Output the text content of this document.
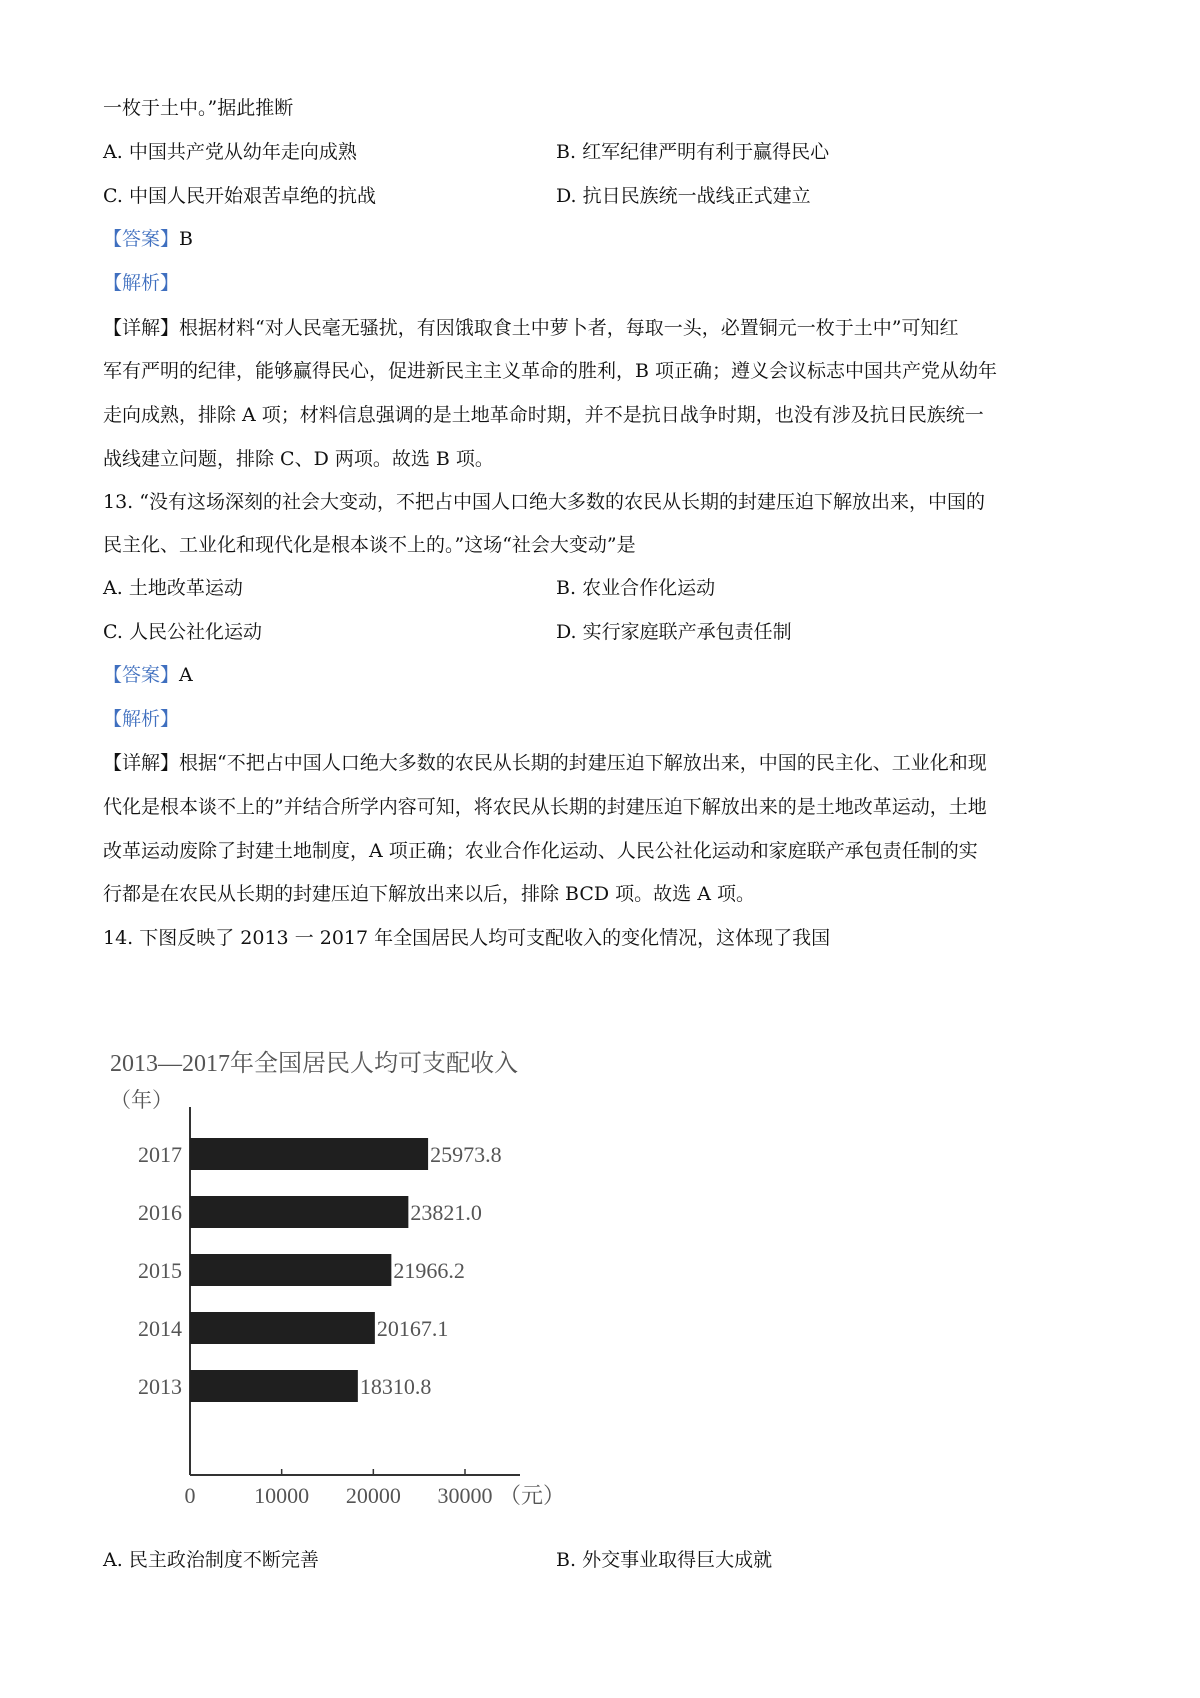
一枚于土中。”据此推断
A. 中国共产党从幼年走向成熟	B. 红军纪律严明有利于赢得民心
C. 中国人民开始艰苦卓绝的抗战	D. 抗日民族统一战线正式建立
【答案】B
【解析】
【详解】根据材料“对人民毫无骚扰，有因饿取食土中萝卜者，每取一头，必置铜元一枚于土中”可知红
军有严明的纪律，能够赢得民心，促进新民主主义革命的胜利，B 项正确；遵义会议标志中国共产党从幼年
走向成熟，排除 A 项；材料信息强调的是土地革命时期，并不是抗日战争时期，也没有涉及抗日民族统一
战线建立问题，排除 C、D 两项。故选 B 项。
13. “没有这场深刻的社会大变动，不把占中国人口绝大多数的农民从长期的封建压迫下解放出来，中国的
民主化、工业化和现代化是根本谈不上的。”这场“社会大变动”是
A. 土地改革运动	B. 农业合作化运动
C. 人民公社化运动	D. 实行家庭联产承包责任制
【答案】A
【解析】
【详解】根据“不把占中国人口绝大多数的农民从长期的封建压迫下解放出来，中国的民主化、工业化和现
代化是根本谈不上的”并结合所学内容可知，将农民从长期的封建压迫下解放出来的是土地改革运动，土地
改革运动废除了封建土地制度，A 项正确；农业合作化运动、人民公社化运动和家庭联产承包责任制的实
行都是在农民从长期的封建压迫下解放出来以后，排除 BCD 项。故选 A 项。
14. 下图反映了 2013 一 2017 年全国居民人均可支配收入的变化情况，这体现了我国
2013—2017年全国居民人均可支配收入
（年）
2017	25973.8
2016	23821.0
2015	21966.2
2014	20167.1
2013	18310.8
0	10000 20000 30000 （元）
A. 民主政治制度不断完善	B. 外交事业取得巨大成就
